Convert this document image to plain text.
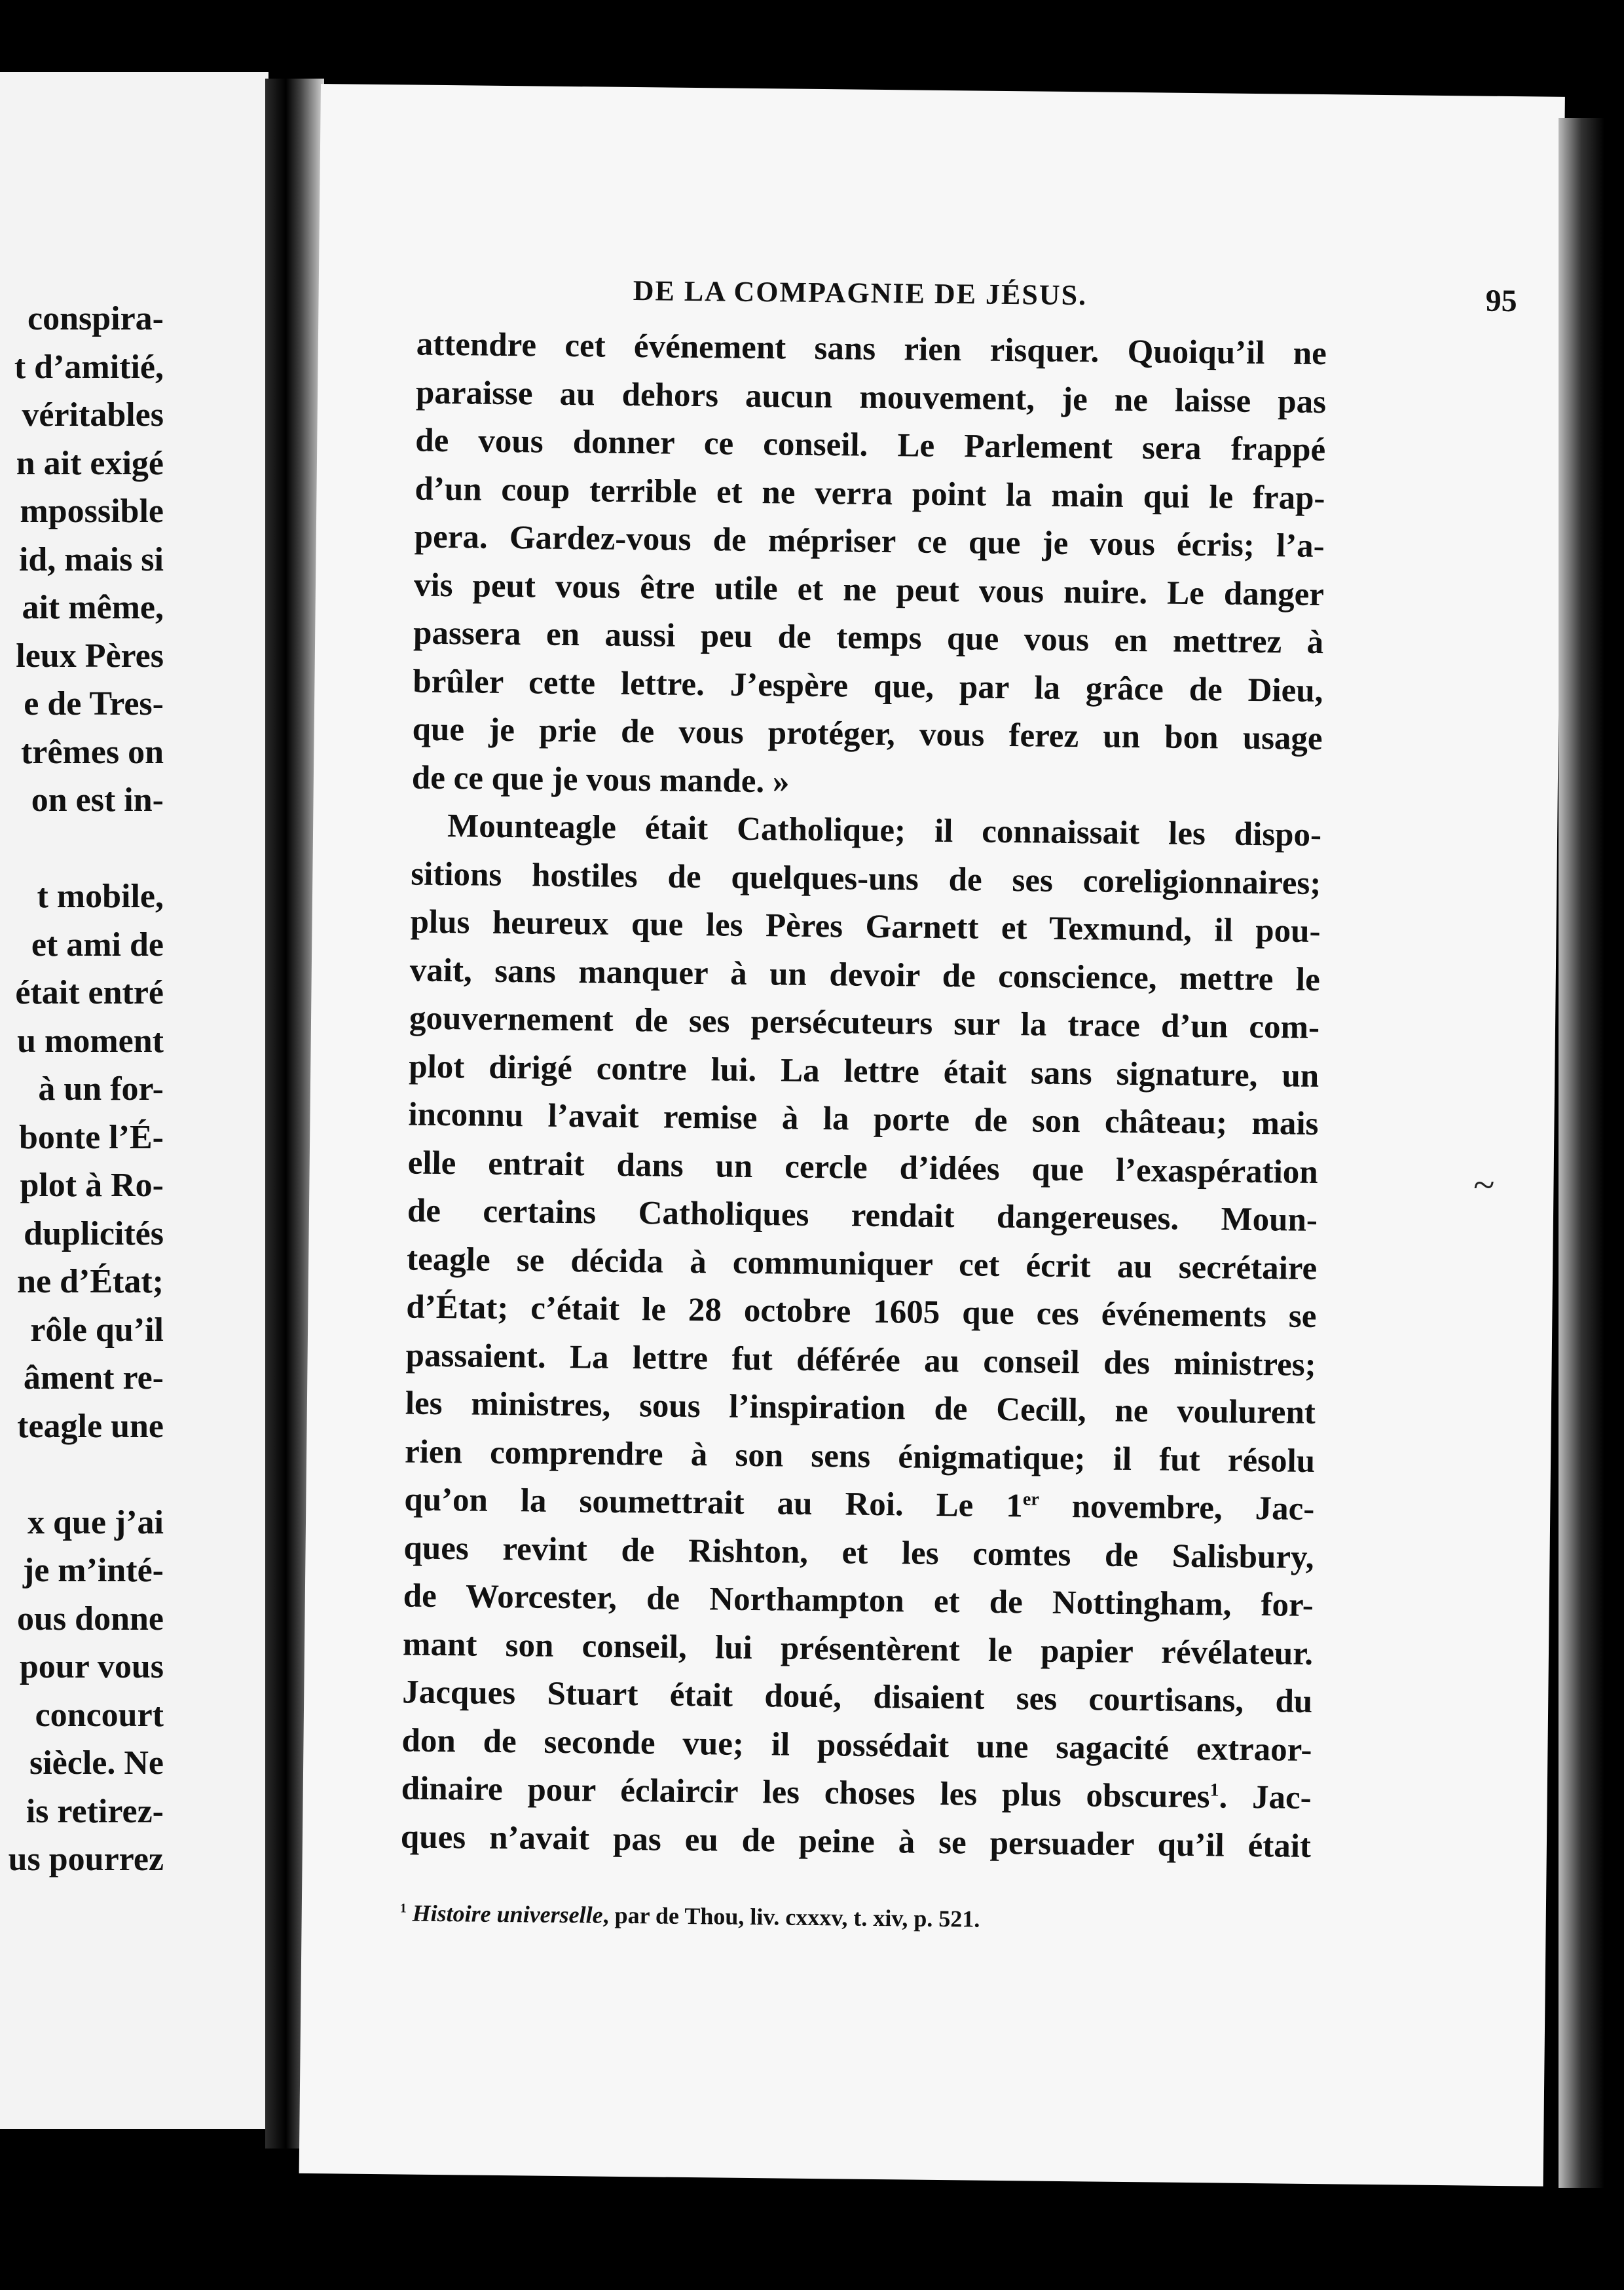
conspira-
t d’amitié,
véritables
n ait exigé
mpossible
id, mais si
ait même,
leux Pères
e de Tres-
trêmes on
on est in-

t mobile,
et ami de
était entré
u moment
à un for-
bonte l’É-
plot à Ro-
duplicités
ne d’État;
rôle qu’il
âment re-
teagle une

x que j’ai
je m’inté-
ous donne
pour vous
concourt
siècle. Ne
is retirez-
us pourrez
DE LA COMPAGNIE DE JÉSUS.	95
attendre cet événement sans rien risquer. Quoiqu’il ne
paraisse au dehors aucun mouvement, je ne laisse pas
de vous donner ce conseil. Le Parlement sera frappé
d’un coup terrible et ne verra point la main qui le frap-
pera. Gardez-vous de mépriser ce que je vous écris; l’a-
vis peut vous être utile et ne peut vous nuire. Le danger
passera en aussi peu de temps que vous en mettrez à
brûler cette lettre. J’espère que, par la grâce de Dieu,
que je prie de vous protéger, vous ferez un bon usage
de ce que je vous mande. »
Mounteagle était Catholique; il connaissait les dispo-
sitions hostiles de quelques-uns de ses coreligionnaires;
plus heureux que les Pères Garnett et Texmund, il pou-
vait, sans manquer à un devoir de conscience, mettre le
gouvernement de ses persécuteurs sur la trace d’un com-
plot dirigé contre lui. La lettre était sans signature, un
inconnu l’avait remise à la porte de son château; mais
elle entrait dans un cercle d’idées que l’exaspération
de certains Catholiques rendait dangereuses. Moun-
teagle se décida à communiquer cet écrit au secrétaire
d’État; c’était le 28 octobre 1605 que ces événements se
passaient. La lettre fut déférée au conseil des ministres;
les ministres, sous l’inspiration de Cecill, ne voulurent
rien comprendre à son sens énigmatique; il fut résolu
qu’on la soumettrait au Roi. Le 1er novembre, Jac-
ques revint de Rishton, et les comtes de Salisbury,
de Worcester, de Northampton et de Nottingham, for-
mant son conseil, lui présentèrent le papier révélateur.
Jacques Stuart était doué, disaient ses courtisans, du
don de seconde vue; il possédait une sagacité extraor-
dinaire pour éclaircir les choses les plus obscures$^1$. Jac-
ques n’avait pas eu de peine à se persuader qu’il était
$^1$ Histoire universelle, par de Thou, liv. cxxxv, t. xiv, p. 521.
~
